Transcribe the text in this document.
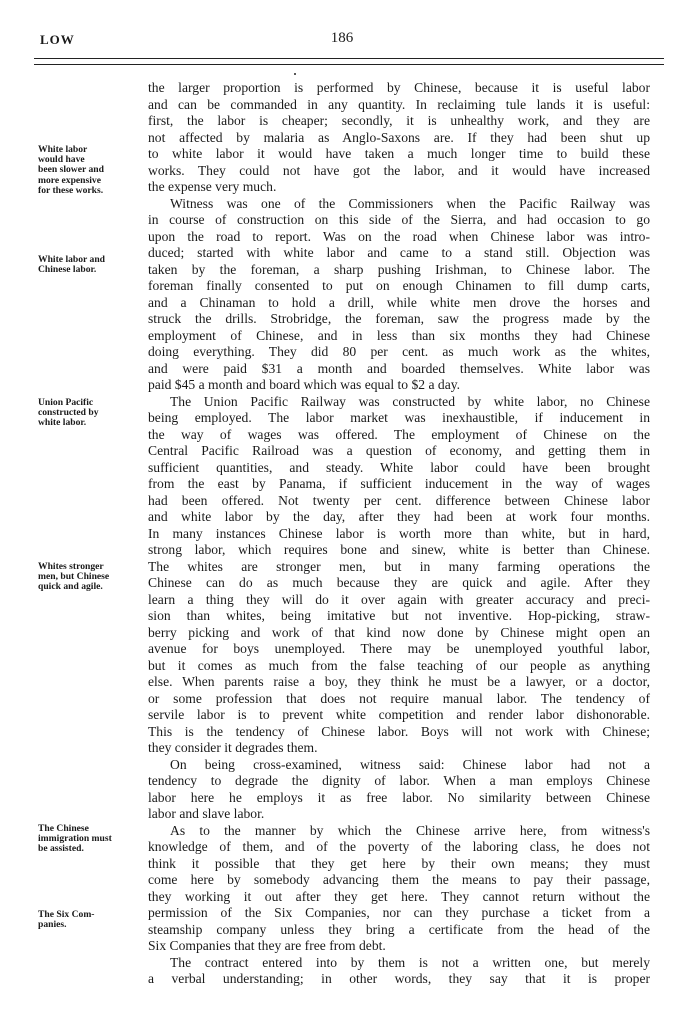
LOW	186
White labor
would have
been slower and
more expensive
for these works.
White labor and
Chinese labor.
Union Pacific
constructed by
white labor.
Whites stronger
men, but Chinese
quick and agile.
The Chinese
immigration must
be assisted.
The Six Com-
panies.
the larger proportion is performed by Chinese, because it is useful labor
and can be commanded in any quantity. In reclaiming tule lands it is useful:
first, the labor is cheaper; secondly, it is unhealthy work, and they are
not affected by malaria as Anglo-Saxons are. If they had been shut up
to white labor it would have taken a much longer time to build these
works. They could not have got the labor, and it would have increased
the expense very much.
Witness was one of the Commissioners when the Pacific Railway was
in course of construction on this side of the Sierra, and had occasion to go
upon the road to report. Was on the road when Chinese labor was intro-
duced; started with white labor and came to a stand still. Objection was
taken by the foreman, a sharp pushing Irishman, to Chinese labor. The
foreman finally consented to put on enough Chinamen to fill dump carts,
and a Chinaman to hold a drill, while white men drove the horses and
struck the drills. Strobridge, the foreman, saw the progress made by the
employment of Chinese, and in less than six months they had Chinese
doing everything. They did 80 per cent. as much work as the whites,
and were paid $31 a month and boarded themselves. White labor was
paid $45 a month and board which was equal to $2 a day.
The Union Pacific Railway was constructed by white labor, no Chinese
being employed. The labor market was inexhaustible, if inducement in
the way of wages was offered. The employment of Chinese on the
Central Pacific Railroad was a question of economy, and getting them in
sufficient quantities, and steady. White labor could have been brought
from the east by Panama, if sufficient inducement in the way of wages
had been offered. Not twenty per cent. difference between Chinese labor
and white labor by the day, after they had been at work four months.
In many instances Chinese labor is worth more than white, but in hard,
strong labor, which requires bone and sinew, white is better than Chinese.
The whites are stronger men, but in many farming operations the
Chinese can do as much because they are quick and agile. After they
learn a thing they will do it over again with greater accuracy and preci-
sion than whites, being imitative but not inventive. Hop-picking, straw-
berry picking and work of that kind now done by Chinese might open an
avenue for boys unemployed. There may be unemployed youthful labor,
but it comes as much from the false teaching of our people as anything
else. When parents raise a boy, they think he must be a lawyer, or a doctor,
or some profession that does not require manual labor. The tendency of
servile labor is to prevent white competition and render labor dishonorable.
This is the tendency of Chinese labor. Boys will not work with Chinese;
they consider it degrades them.
On being cross-examined, witness said: Chinese labor had not a
tendency to degrade the dignity of labor. When a man employs Chinese
labor here he employs it as free labor. No similarity between Chinese
labor and slave labor.
As to the manner by which the Chinese arrive here, from witness's
knowledge of them, and of the poverty of the laboring class, he does not
think it possible that they get here by their own means; they must
come here by somebody advancing them the means to pay their passage,
they working it out after they get here. They cannot return without the
permission of the Six Companies, nor can they purchase a ticket from a
steamship company unless they bring a certificate from the head of the
Six Companies that they are free from debt.
The contract entered into by them is not a written one, but merely
a verbal understanding; in other words, they say that it is proper
